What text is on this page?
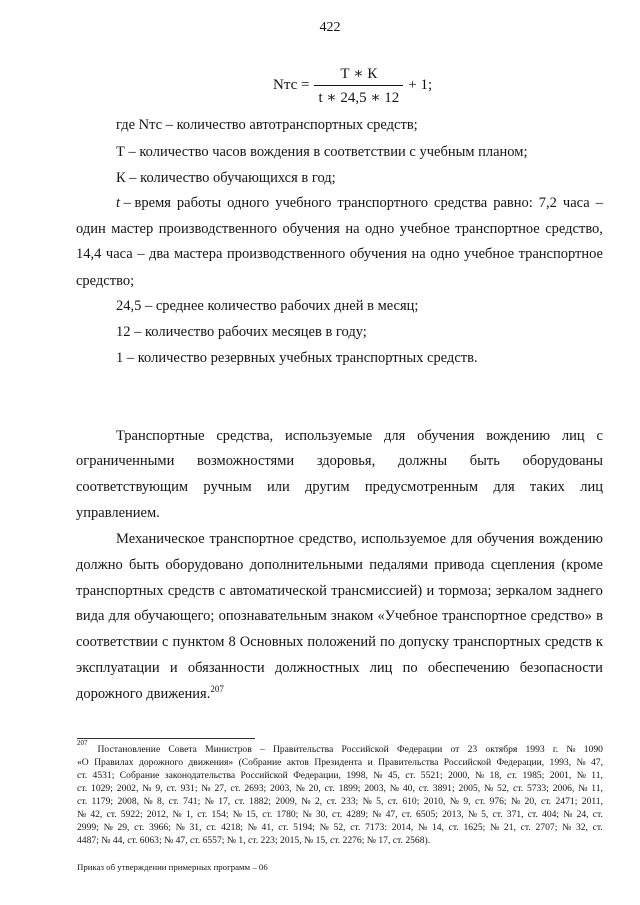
422
Nтс = $\frac{Т ∗ К}{t ∗ 24,5 ∗ 12} + 1$;
где Nтс – количество автотранспортных средств;
Т – количество часов вождения в соответствии с учебным планом;
К – количество обучающихся в год;
t – время работы одного учебного транспортного средства равно: 7,2 часа –
один мастер производственного обучения на одно учебное транспортное средство,
14,4 часа – два мастера производственного обучения на одно учебное транспортное
средство;
24,5 – среднее количество рабочих дней в месяц;
12 – количество рабочих месяцев в году;
1 – количество резервных учебных транспортных средств.
Транспортные средства, используемые для обучения вождению лиц с
ограниченными возможностями здоровья, должны быть оборудованы
соответствующим ручным или другим предусмотренным для таких лиц
управлением.
Механическое транспортное средство, используемое для обучения вождению
должно быть оборудовано дополнительными педалями привода сцепления (кроме
транспортных средств с автоматической трансмиссией) и тормоза; зеркалом заднего
вида для обучающего; опознавательным знаком «Учебное транспортное средство» в
соответствии с пунктом 8 Основных положений по допуску транспортных средств к
эксплуатации и обязанности должностных лиц по обеспечению безопасности
дорожного движения.$^{207}$
207
Постановление Совета Министров – Правительства Российской Федерации от 23 октября 1993 г. № 1090
«О Правилах дорожного движения» (Собрание актов Президента и Правительства Российской Федерации, 1993, № 47,
ст. 4531; Собрание законодательства Российской Федерации, 1998, № 45, ст. 5521; 2000, № 18, ст. 1985; 2001, № 11,
ст. 1029; 2002, № 9, ст. 931; № 27, ст. 2693; 2003, № 20, ст. 1899; 2003, № 40, ст. 3891; 2005, № 52, ст. 5733; 2006, № 11,
ст. 1179; 2008, № 8, ст. 741; № 17, ст. 1882; 2009, № 2, ст. 233; № 5, ст. 610; 2010, № 9, ст. 976; № 20, ст. 2471; 2011,
№ 42, ст. 5922; 2012, № 1, ст. 154; № 15, ст. 1780; № 30, ст. 4289; № 47, ст. 6505; 2013, № 5, ст. 371, ст. 404; № 24, ст.
2999; № 29, ст. 3966; № 31, ст. 4218; № 41, ст. 5194; № 52, ст. 7173: 2014, № 14, ст. 1625; № 21, ст. 2707; № 32, ст.
4487; № 44, ст. 6063; № 47, ст. 6557; № 1, ст. 223; 2015, № 15, ст. 2276; № 17, ст. 2568).
Приказ об утверждении примерных программ – 06
